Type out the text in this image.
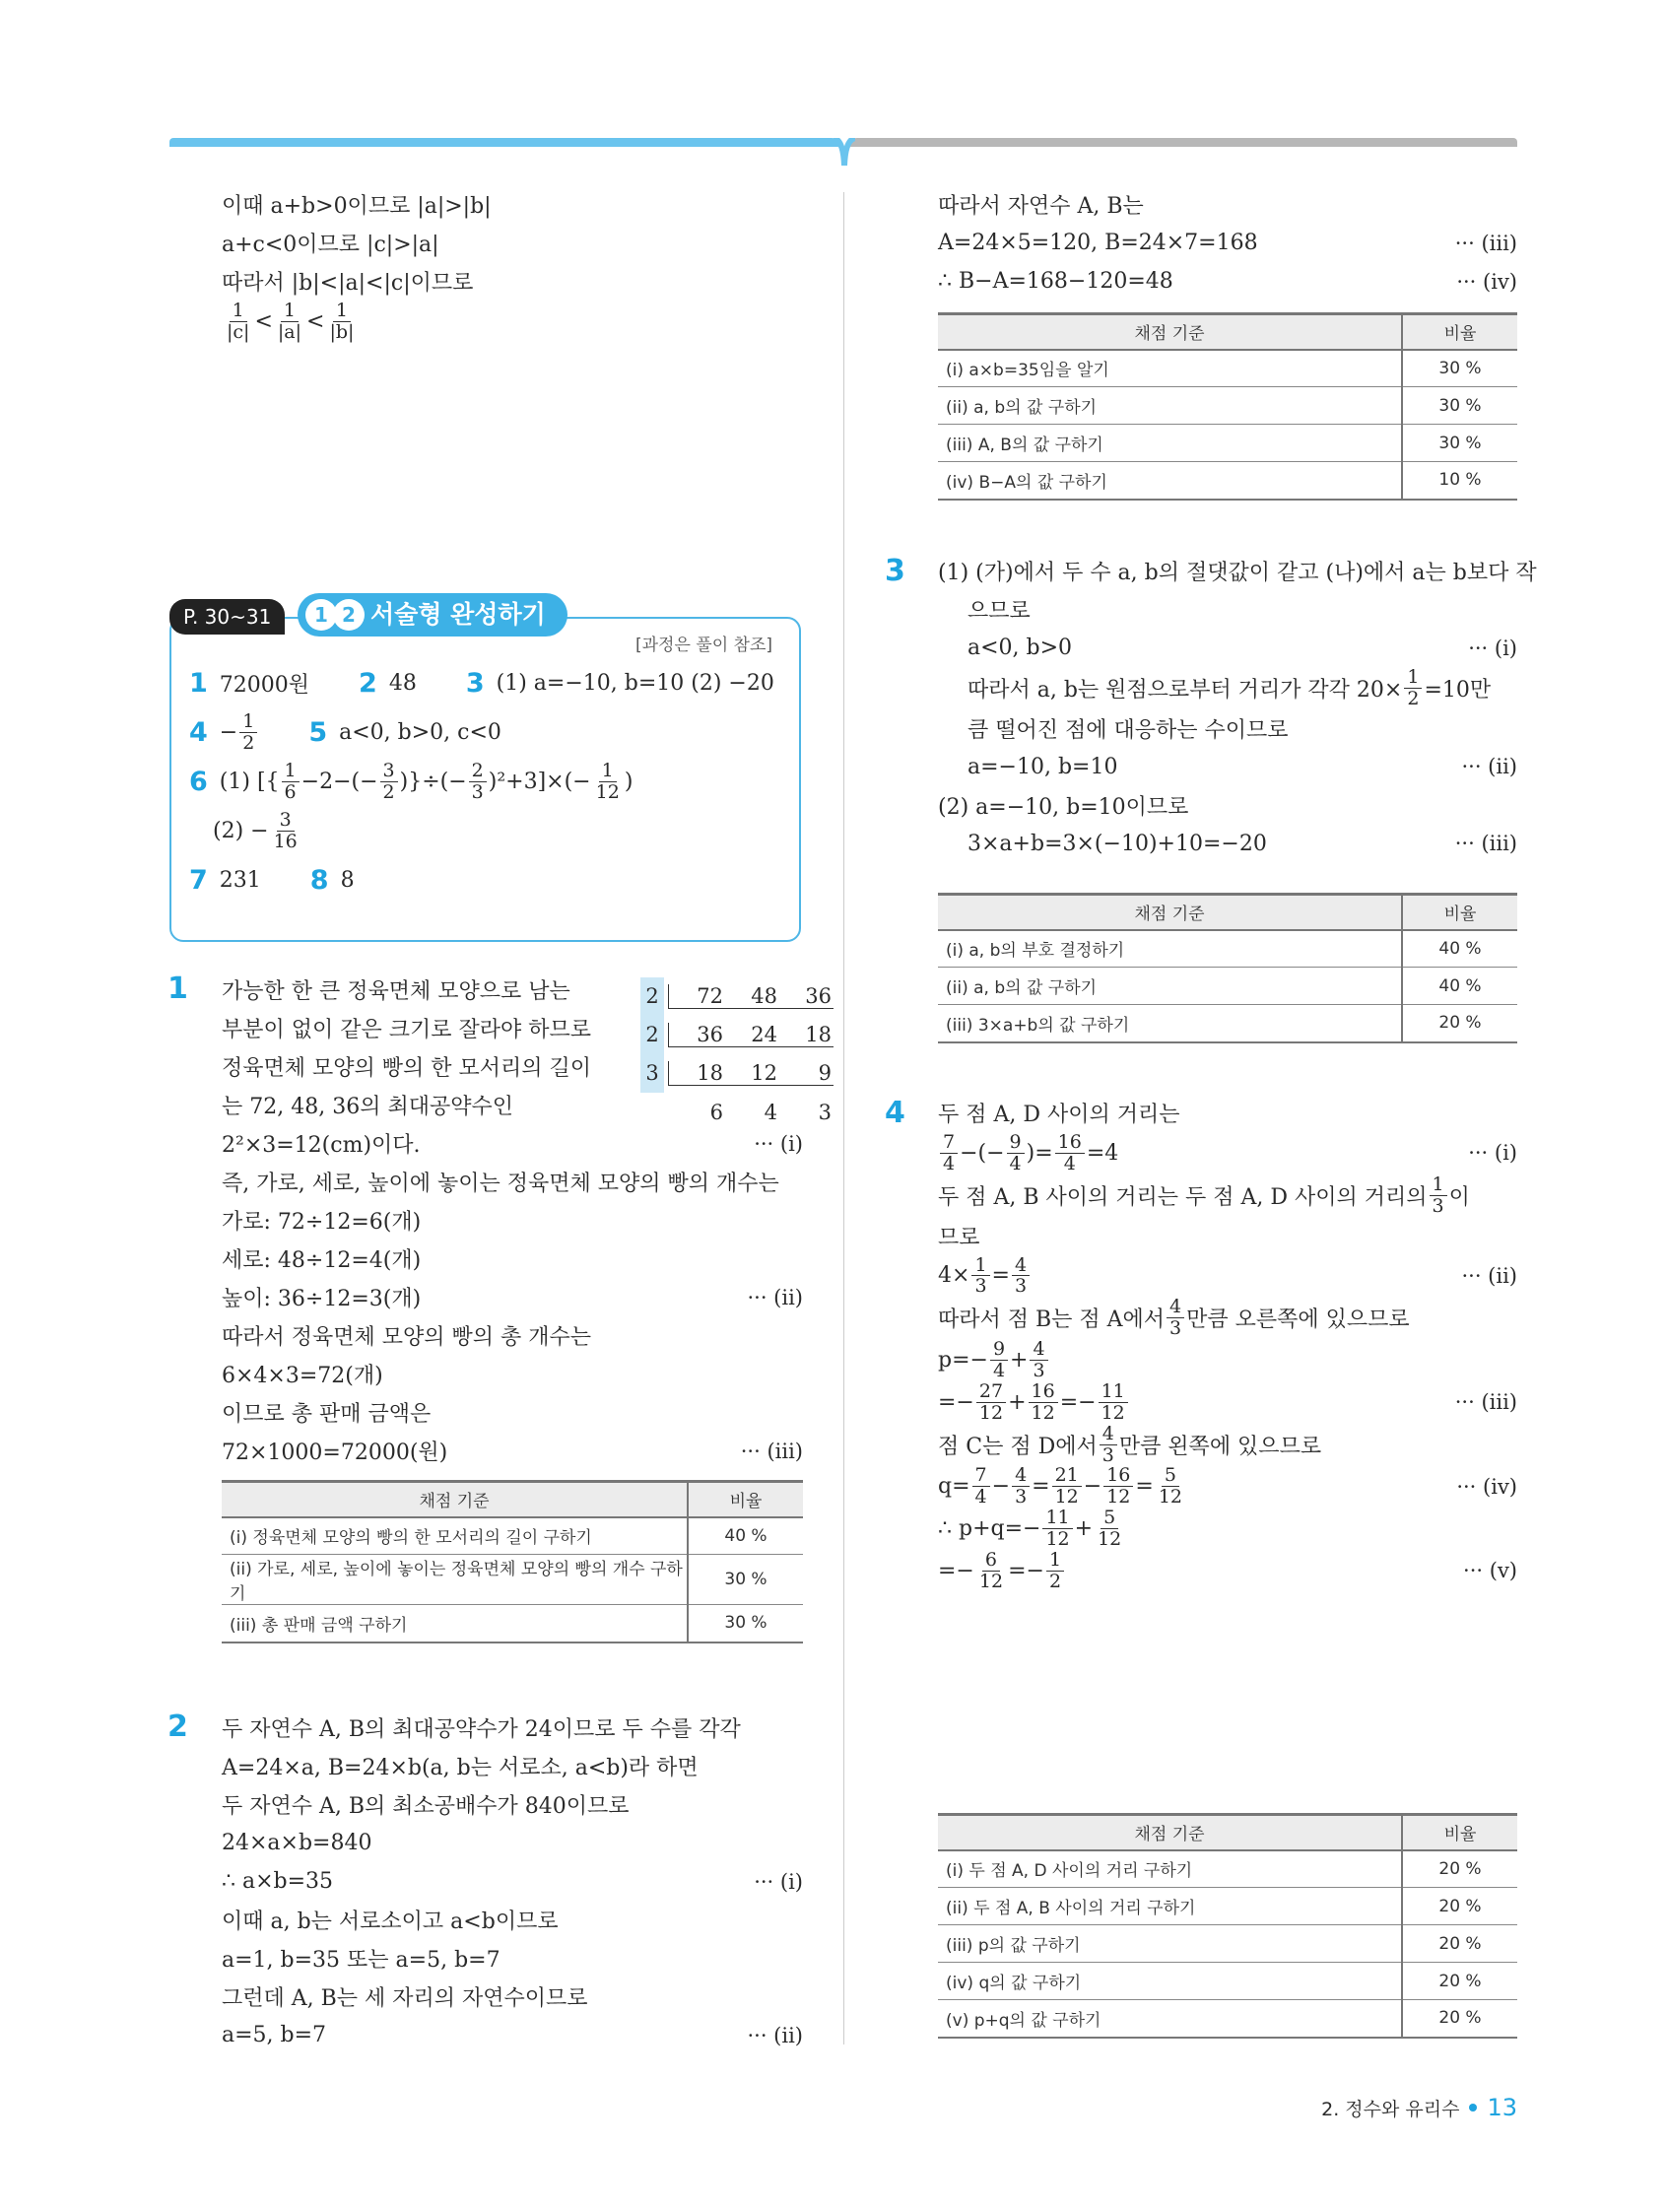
이때 a+b>0이므로 |a|>|b|
a+c<0이므로 |c|>|a|
따라서 |b|<|a|<|c|이므로
$\frac{1}{|c|} < \frac{1}{|a|} < \frac{1}{|b|}$
P. 30~31	1 2 서술형 완성하기
[과정은 풀이 참조]
1 72000원 2 48 3 (1) a=−10, b=10 (2) −20
$4 - \frac{1}{2} 5$ a<0, b>0, c<0
6 (1) [{ $\frac{1}{6} -2-(- \frac{3}{2}$ )}÷(− $\frac{2}{3} )^2+3]\times(- \frac{1}{12}$ )
$(2) - \frac{3}{16}$
7 231 8 8
1 가능한 한 큰 정육면체 모양으로 남는
부분이 없이 같은 크기로 잘라야 하므로
정육면체 모양의 빵의 한 모서리의 길이
는 72, 48, 36의 최대공약수인
2²×3=12(cm)이다.	··· (i)
즉, 가로, 세로, 높이에 놓이는 정육면체 모양의 빵의 개수는
가로: 72÷12=6(개)
세로: 48÷12=4(개)
높이: 36÷12=3(개)	··· (ii)
따라서 정육면체 모양의 빵의 총 개수는
6×4×3=72(개)
이므로 총 판매 금액은
72×1000=72000(원)	··· (iii)
2	72	48	36
2	36	24	18
3	18	12	9
6	4	3
채점 기준	비율
(i) 정육면체 모양의 빵의 한 모서리의 길이 구하기	40 %
(ii) 가로, 세로, 높이에 놓이는 정육면체 모양의 빵의 개수 구하기	30 %
(iii) 총 판매 금액 구하기	30 %
2 두 자연수 A, B의 최대공약수가 24이므로 두 수를 각각
A=24×a, B=24×b(a, b는 서로소, a<b)라 하면
두 자연수 A, B의 최소공배수가 840이므로
24×a×b=840
∴ a×b=35	··· (i)
이때 a, b는 서로소이고 a<b이므로
a=1, b=35 또는 a=5, b=7
그런데 A, B는 세 자리의 자연수이므로
a=5, b=7	··· (ii)
따라서 자연수 A, B는
A=24×5=120, B=24×7=168	··· (iii)
∴ B−A=168−120=48	··· (iv)
채점 기준	비율
(i) a×b=35임을 알기	30 %
(ii) a, b의 값 구하기	30 %
(iii) A, B의 값 구하기	30 %
(iv) B−A의 값 구하기	10 %
3 (1) (가)에서 두 수 a, b의 절댓값이 같고 (나)에서 a는 b보다 작
으므로
a<0, b>0	··· (i)
따라서 a, b는 원점으로부터 거리가 각각 $20\times \frac{1}{2} =10$만
큼 떨어진 점에 대응하는 수이므로
a=−10, b=10	··· (ii)
(2) a=−10, b=10이므로
3×a+b=3×(−10)+10=−20	··· (iii)
채점 기준	비율
(i) a, b의 부호 결정하기	40 %
(ii) a, b의 값 구하기	40 %
(iii) 3×a+b의 값 구하기	20 %
4 두 점 A, D 사이의 거리는
$\frac{7}{4}$ −(− $\frac{9}{4}$ )= $\frac{16}{4} =4$	··· (i)
두 점 A, B 사이의 거리는 두 점 A, D 사이의 거리의 $\frac{1}{3}$ 이
므로
$4\times \frac{1}{3} = \frac{4}{3}$	··· (ii)
따라서 점 B는 점 A에서 $\frac{4}{3}$ 만큼 오른쪽에 있으므로
$p=- \frac{9}{4} + \frac{4}{3}$
=− $\frac{27}{12} + \frac{16}{12} =- \frac{11}{12}$	··· (iii)
점 C는 점 D에서 $\frac{4}{3}$ 만큼 왼쪽에 있으므로
$q= \frac{7}{4} - \frac{4}{3} = \frac{21}{12} - \frac{16}{12} = \frac{5}{12}$	··· (iv)
∴ $p+q=- \frac{11}{12} + \frac{5}{12}$
=− $\frac{6}{12} =- \frac{1}{2}$	··· (v)
채점 기준	비율
(i) 두 점 A, D 사이의 거리 구하기	20 %
(ii) 두 점 A, B 사이의 거리 구하기	20 %
(iii) p의 값 구하기	20 %
(iv) q의 값 구하기	20 %
(v) p+q의 값 구하기	20 %
2. 정수와 유리수 13
